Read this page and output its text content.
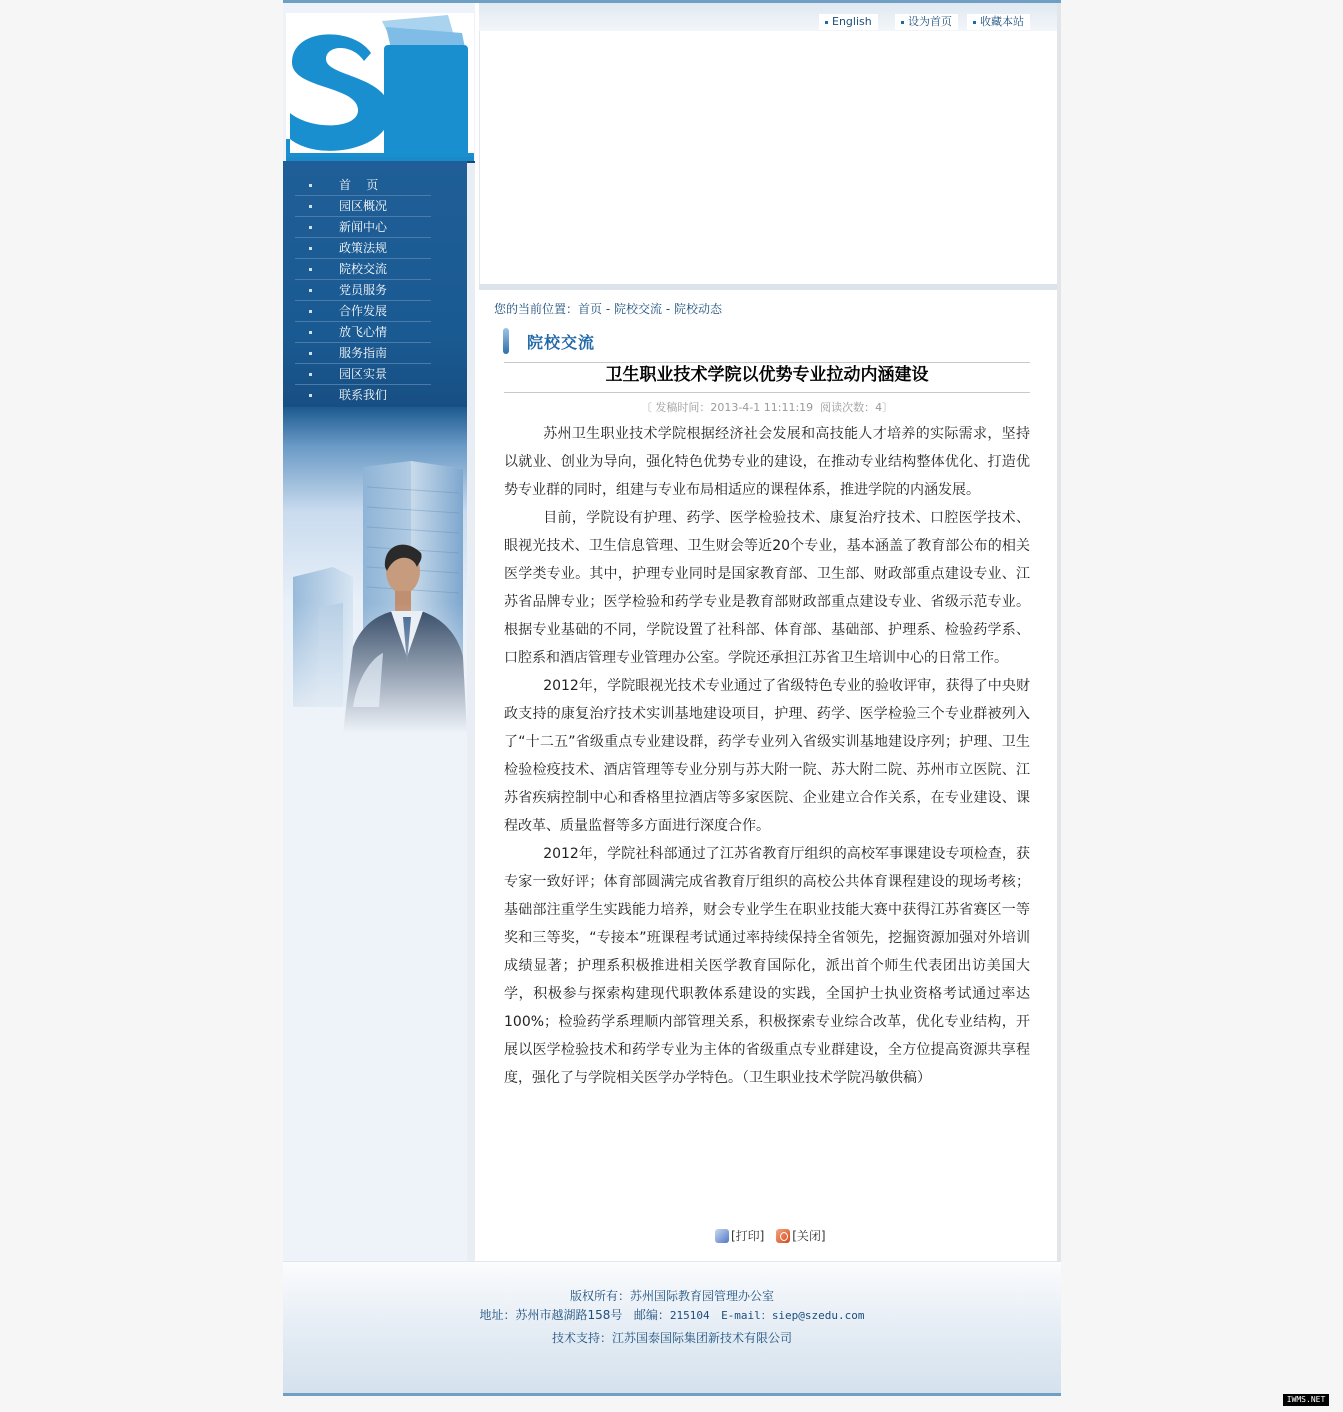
首    页
园区概况
新闻中心
政策法规
院校交流
党员服务
合作发展
放飞心情
服务指南
园区实景
联系我们
English	设为首页	收藏本站
您的当前位置：首页 - 院校交流 - 院校动态
院校交流
卫生职业技术学院以优势专业拉动内涵建设
〔 发稿时间：2013-4-1 11:11:19  阅读次数：4〕

苏州卫生职业技术学院根据经济社会发展和高技能人才培养的实际需求，坚持以就业、创业为导向，强化特色优势专业的建设，在推动专业结构整体优化、打造优势专业群的同时，组建与专业布局相适应的课程体系，推进学院的内涵发展。

目前，学院设有护理、药学、医学检验技术、康复治疗技术、口腔医学技术、眼视光技术、卫生信息管理、卫生财会等近20个专业，基本涵盖了教育部公布的相关医学类专业。其中，护理专业同时是国家教育部、卫生部、财政部重点建设专业、江苏省品牌专业；医学检验和药学专业是教育部财政部重点建设专业、省级示范专业。根据专业基础的不同，学院设置了社科部、体育部、基础部、护理系、检验药学系、口腔系和酒店管理专业管理办公室。学院还承担江苏省卫生培训中心的日常工作。

2012年，学院眼视光技术专业通过了省级特色专业的验收评审，获得了中央财政支持的康复治疗技术实训基地建设项目，护理、药学、医学检验三个专业群被列入了“十二五”省级重点专业建设群，药学专业列入省级实训基地建设序列；护理、卫生检验检疫技术、酒店管理等专业分别与苏大附一院、苏大附二院、苏州市立医院、江苏省疾病控制中心和香格里拉酒店等多家医院、企业建立合作关系，在专业建设、课程改革、质量监督等多方面进行深度合作。

2012年，学院社科部通过了江苏省教育厅组织的高校军事课建设专项检查，获专家一致好评；体育部圆满完成省教育厅组织的高校公共体育课程建设的现场考核；基础部注重学生实践能力培养，财会专业学生在职业技能大赛中获得江苏省赛区一等奖和三等奖，“专接本”班课程考试通过率持续保持全省领先，挖掘资源加强对外培训成绩显著；护理系积极推进相关医学教育国际化，派出首个师生代表团出访美国大学，积极参与探索构建现代职教体系建设的实践，全国护士执业资格考试通过率达100%；检验药学系理顺内部管理关系，积极探索专业综合改革，优化专业结构，开展以医学检验技术和药学专业为主体的省级重点专业群建设，全方位提高资源共享程度，强化了与学院相关医学办学特色。（卫生职业技术学院冯敏供稿）

[打印]
[关闭]
版权所有：苏州国际教育园管理办公室
地址：苏州市越湖路158号 邮编：215104 E-mail：siep@szedu.com
技术支持：江苏国泰国际集团新技术有限公司
IWMS.NET
